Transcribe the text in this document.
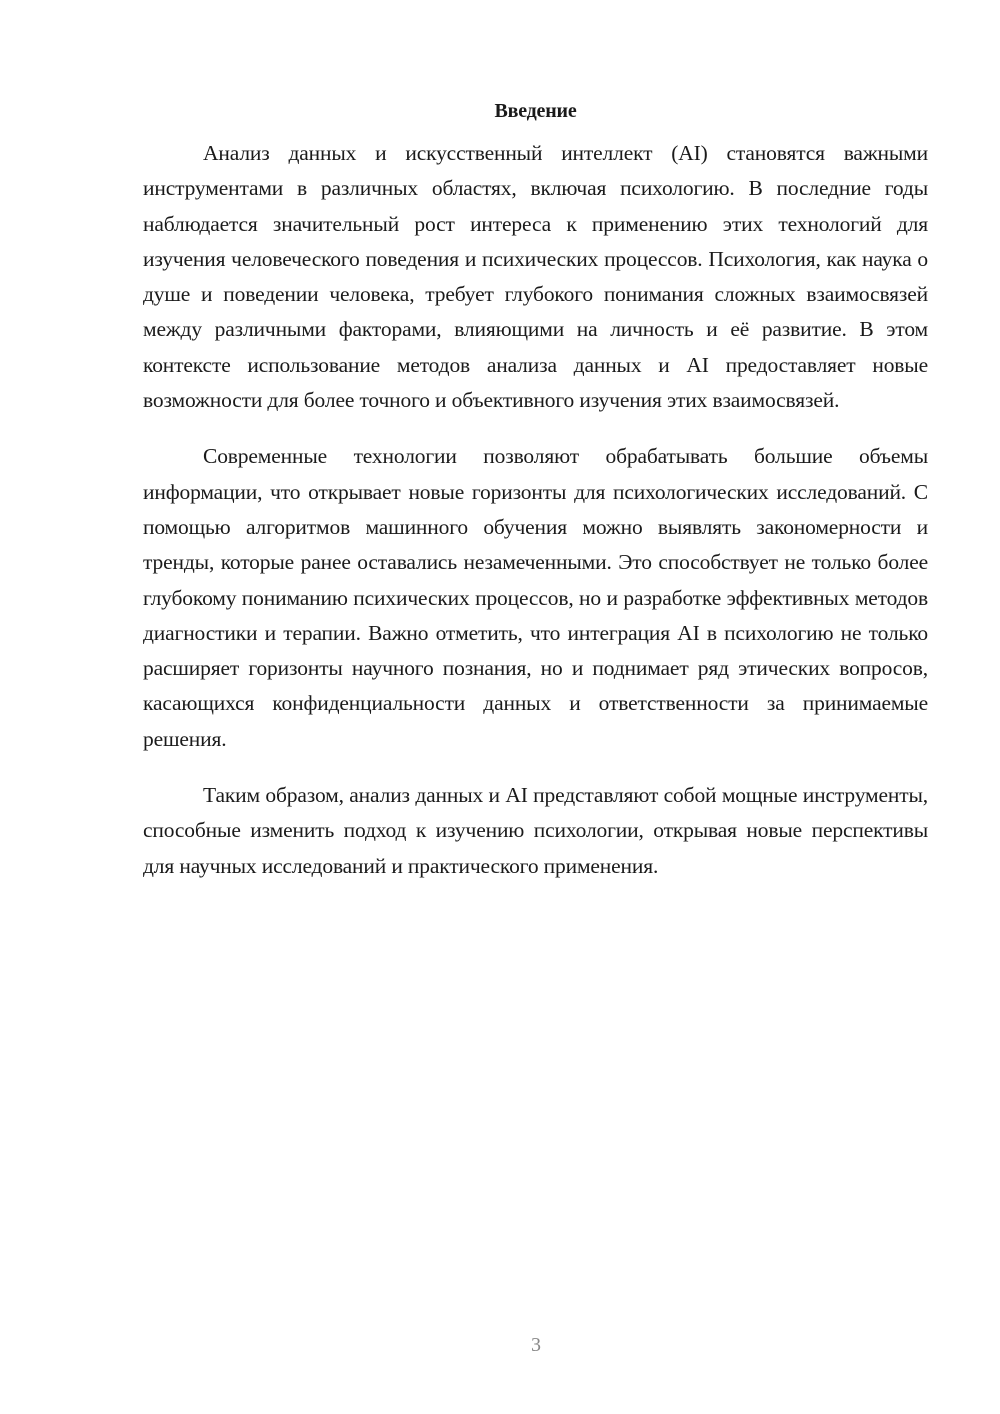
Введение

Анализ данных и искусственный интеллект (AI) становятся важными инструментами в различных областях, включая психологию. В последние годы наблюдается значительный рост интереса к применению этих технологий для изучения человеческого поведения и психических процессов. Психология, как наука о душе и поведении человека, требует глубокого понимания сложных взаимосвязей между различными факторами, влияющими на личность и её развитие. В этом контексте использование методов анализа данных и AI предоставляет новые возможности для более точного и объективного изучения этих взаимосвязей.

Современные технологии позволяют обрабатывать большие объемы информации, что открывает новые горизонты для психологических исследований. С помощью алгоритмов машинного обучения можно выявлять закономерности и тренды, которые ранее оставались незамеченными. Это способствует не только более глубокому пониманию психических процессов, но и разработке эффективных методов диагностики и терапии. Важно отметить, что интеграция AI в психологию не только расширяет горизонты научного познания, но и поднимает ряд этических вопросов, касающихся конфиденциальности данных и ответственности за принимаемые решения.

Таким образом, анализ данных и AI представляют собой мощные инструменты, способные изменить подход к изучению психологии, открывая новые перспективы для научных исследований и практического применения.

3
